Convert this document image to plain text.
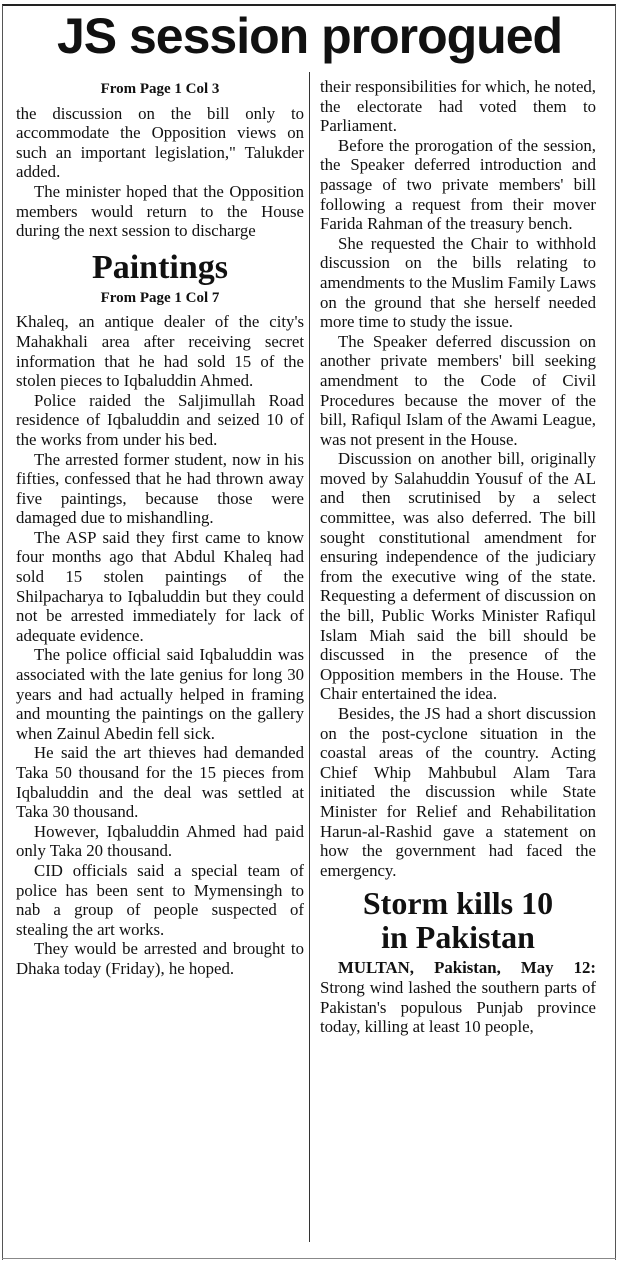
JS session prorogued
From Page 1 Col 3

the discussion on the bill only to accommodate the Opposition views on such an important legislation," Talukder added.

The minister hoped that the Opposition members would return to the House during the next session to discharge

Paintings
From Page 1 Col 7

Khaleq, an antique dealer of the city's Mahakhali area after receiving secret information that he had sold 15 of the stolen pieces to Iqbaluddin Ahmed.

Police raided the Saljimullah Road residence of Iqbaluddin and seized 10 of the works from under his bed.

The arrested former student, now in his fifties, confessed that he had thrown away five paintings, because those were damaged due to mishandling.

The ASP said they first came to know four months ago that Abdul Khaleq had sold 15 stolen paintings of the Shilpacharya to Iqbaluddin but they could not be arrested immediately for lack of adequate evidence.

The police official said Iqbaluddin was associated with the late genius for long 30 years and had actually helped in framing and mounting the paintings on the gallery when Zainul Abedin fell sick.

He said the art thieves had demanded Taka 50 thousand for the 15 pieces from Iqbaluddin and the deal was settled at Taka 30 thousand.

However, Iqbaluddin Ahmed had paid only Taka 20 thousand.

CID officials said a special team of police has been sent to Mymensingh to nab a group of people suspected of stealing the art works.

They would be arrested and brought to Dhaka today (Friday), he hoped.

their responsibilities for which, he noted, the electorate had voted them to Parliament.

Before the prorogation of the session, the Speaker deferred introduction and passage of two private members' bill following a request from their mover Farida Rahman of the treasury bench.

She requested the Chair to withhold discussion on the bills relating to amendments to the Muslim Family Laws on the ground that she herself needed more time to study the issue.

The Speaker deferred discussion on another private members' bill seeking amendment to the Code of Civil Procedures because the mover of the bill, Rafiqul Islam of the Awami League, was not present in the House.

Discussion on another bill, originally moved by Salahuddin Yousuf of the AL and then scrutinised by a select committee, was also deferred. The bill sought constitutional amendment for ensuring independence of the judiciary from the executive wing of the state. Requesting a deferment of discussion on the bill, Public Works Minister Rafiqul Islam Miah said the bill should be discussed in the presence of the Opposition members in the House. The Chair entertained the idea.

Besides, the JS had a short discussion on the post-cyclone situation in the coastal areas of the country. Acting Chief Whip Mahbubul Alam Tara initiated the discussion while State Minister for Relief and Rehabilitation Harun-al-Rashid gave a statement on how the government had faced the emergency.

Storm kills 10
in Pakistan

MULTAN, Pakistan, May 12: Strong wind lashed the southern parts of Pakistan's populous Punjab province today, killing at least 10 people,
